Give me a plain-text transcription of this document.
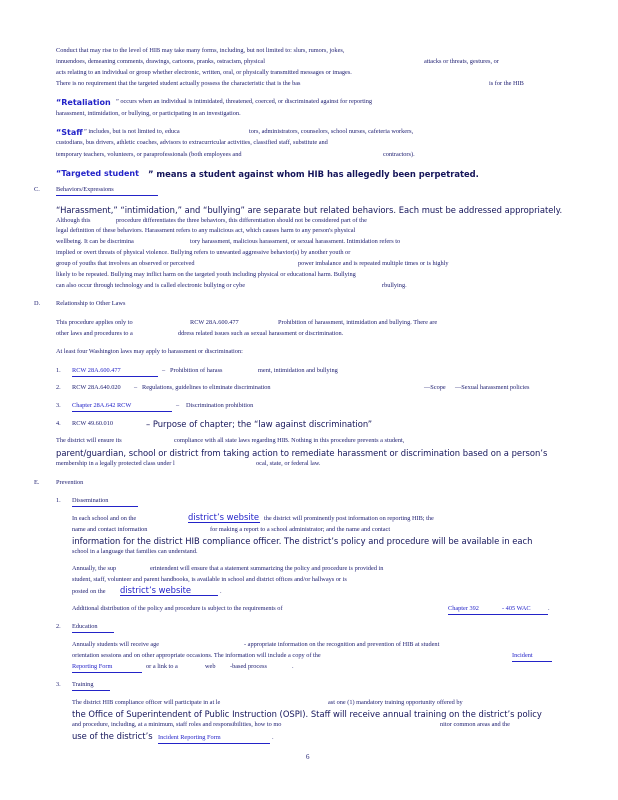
Conduct that may rise to the level of HIB may take many forms, including, but not limited to: slurs, rumors, jokes,
innuendoes, demeaning comments, drawings, cartoons, pranks, ostracism, physical	attacks or threats, gestures, or
acts relating to an individual or group whether electronic, written, oral, or physically transmitted messages or images.
There is no requirement that the targeted student actually possess the characteristic that is the bas	is for the HIB
“Retaliation ” occurs when an individual is intimidated, threatened, coerced, or discriminated against for reporting
harassment, intimidation, or bullying, or participating in an investigation.
“Staff ” includes, but is not limited to, educa	tors, administrators, counselors, school nurses, cafeteria workers,
custodians, bus drivers, athletic coaches, advisors to extracurricular activities, classified staff, substitute and
temporary teachers, volunteers, or paraprofessionals (both employees and	contractors).
“Targeted student ” means a student against whom HIB has allegedly been perpetrated.
C.	Behaviors/Expressions
“Harassment,” “intimidation,” and “bullying” are separate but related behaviors. Each must be addressed appropriately.
Although this	procedure differentiates the three behaviors, this differentiation should not be considered part of the
legal definition of these behaviors. Harassment refers to any malicious act, which causes harm to any person's physical
wellbeing. It can be discrimina	tory harassment, malicious harassment, or sexual harassment. Intimidation refers to
implied or overt threats of physical violence. Bullying refers to unwanted aggressive behavior(s) by another youth or
group of youths that involves an observed or perceived	power imbalance and is repeated multiple times or is highly
likely to be repeated. Bullying may inflict harm on the targeted youth including physical or educational harm. Bullying
can also occur through technology and is called electronic bullying or cybe	rbullying.
D.	Relationship to Other Laws
This procedure applies only to	RCW 28A.600.477	Prohibition of harassment, intimidation and bullying. There are
other laws and procedures to a	ddress related issues such as sexual harassment or discrimination.
At least four Washington laws may apply to harassment or discrimination:
1. RCW 28A.600.477	– Prohibition of harass	ment, intimidation and bullying
2. RCW 28A.640.020 – Regulations, guidelines to eliminate discrimination	—Scope —Sexual harassment policies
3. Chapter 28A.642 RCW	– Discrimination prohibition
4. RCW 49.60.010	– Purpose of chapter; the “law against discrimination”
The district will ensure its	compliance with all state laws regarding HIB. Nothing in this procedure prevents a student,
parent/guardian, school or district from taking action to remediate harassment or discrimination based on a person’s
membership in a legally protected class under l	ocal, state, or federal law.
E.	Prevention
1. Dissemination
In each school and on the	district’s website the district will prominently post information on reporting HIB; the
name and contact information	for making a report to a school administrator; and the name and contact
information for the district HIB compliance officer. The district’s policy and procedure will be available in each
school in a language that families can understand.
Annually, the sup	erintendent will ensure that a statement summarizing the policy and procedure is provided in
student, staff, volunteer and parent handbooks, is available in school and district offices and/or hallways or is
posted on the district’s website	.
Additional distribution of the policy and procedure is subject to the requirements of	Chapter 392	- 405 WAC	.
2. Education
Annually students will receive age	- appropriate information on the recognition and prevention of HIB at student
orientation sessions and on other appropriate occasions. The information will include a copy of the	Incident
Reporting Form	or a link to a	web -based process	.
3. Training
The district HIB compliance officer will participate in at le	ast one (1) mandatory training opportunity offered by
the Office of Superintendent of Public Instruction (OSPI). Staff will receive annual training on the district’s policy
and procedure, including, at a minimum, staff roles and responsibilities, how to mo	nitor common areas and the
use of the district’s Incident Reporting Form	.
6
